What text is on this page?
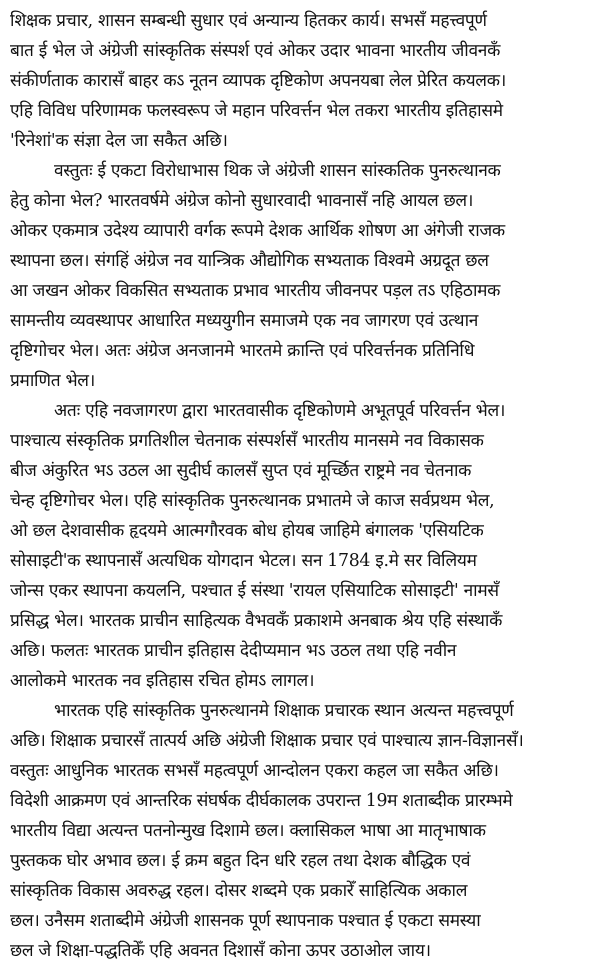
शिक्षक प्रचार, शासन सम्बन्धी सुधार एवं अन्यान्य हितकर कार्य। सभसँ महत्त्वपूर्ण
बात ई भेल जे अंग्रेजी सांस्कृतिक संस्पर्श एवं ओकर उदार भावना भारतीय जीवनकँ
संकीर्णताक कारासँ बाहर कऽ नूतन व्यापक दृष्टिकोण अपनयबा लेल प्रेरित कयलक।
एहि विविध परिणामक फलस्वरूप जे महान परिवर्त्तन भेल तकरा भारतीय इतिहासमे
'रिनेशां'क संज्ञा देल जा सकैत अछि।
वस्तुतः ई एकटा विरोधाभास थिक जे अंग्रेजी शासन सांस्कतिक पुनरुत्थानक
हेतु कोना भेल? भारतवर्षमे अंग्रेज कोनो सुधारवादी भावनासँ नहि आयल छल।
ओकर एकमात्र उदेश्य व्यापारी वर्गक रूपमे देशक आर्थिक शोषण आ अंगेजी राजक
स्थापना छल। संगहिं अंग्रेज नव यान्त्रिक औद्योगिक सभ्यताक विश्वमे अग्रदूत छल
आ जखन ओकर विकसित सभ्यताक प्रभाव भारतीय जीवनपर पड़ल तऽ एहिठामक
सामन्तीय व्यवस्थापर आधारित मध्ययुगीन समाजमे एक नव जागरण एवं उत्थान
दृष्टिगोचर भेल। अतः अंग्रेज अनजानमे भारतमे क्रान्ति एवं परिवर्त्तनक प्रतिनिधि
प्रमाणित भेल।
अतः एहि नवजागरण द्वारा भारतवासीक दृष्टिकोणमे अभूतपूर्व परिवर्त्तन भेल।
पाश्चात्य संस्कृतिक प्रगतिशील चेतनाक संस्पर्शसँ भारतीय मानसमे नव विकासक
बीज अंकुरित भऽ उठल आ सुदीर्घ कालसँ सुप्त एवं मूर्च्छित राष्ट्रमे नव चेतनाक
चेन्ह दृष्टिगोचर भेल। एहि सांस्कृतिक पुनरुत्थानक प्रभातमे जे काज सर्वप्रथम भेल,
ओ छल देशवासीक हृदयमे आत्मगौरवक बोध होयब जाहिमे बंगालक 'एसियटिक
सोसाइटी'क स्थापनासँ अत्यधिक योगदान भेटल। सन 1784 इ.मे सर विलियम
जोन्स एकर स्थापना कयलनि, पश्चात ई संस्था 'रायल एसियाटिक सोसाइटी' नामसँ
प्रसिद्ध भेल। भारतक प्राचीन साहित्यक वैभवकँ प्रकाशमे अनबाक श्रेय एहि संस्थाकँ
अछि। फलतः भारतक प्राचीन इतिहास देदीप्यमान भऽ उठल तथा एहि नवीन
आलोकमे भारतक नव इतिहास रचित होमऽ लागल।
भारतक एहि सांस्कृतिक पुनरुत्थानमे शिक्षाक प्रचारक स्थान अत्यन्त महत्त्वपूर्ण
अछि। शिक्षाक प्रचारसँ तात्पर्य अछि अंग्रेजी शिक्षाक प्रचार एवं पाश्चात्य ज्ञान-विज्ञानसँ।
वस्तुतः आधुनिक भारतक सभसँ महत्वपूर्ण आन्दोलन एकरा कहल जा सकैत अछि।
विदेशी आक्रमण एवं आन्तरिक संघर्षक दीर्घकालक उपरान्त 19म शताब्दीक प्रारम्भमे
भारतीय विद्या अत्यन्त पतनोन्मुख दिशामे छल। क्लासिकल भाषा आ मातृभाषाक
पुस्तकक घोर अभाव छल। ई क्रम बहुत दिन धरि रहल तथा देशक बौद्धिक एवं
सांस्कृतिक विकास अवरुद्ध रहल। दोसर शब्दमे एक प्रकारेँ साहित्यिक अकाल
छल। उनैसम शताब्दीमे अंग्रेजी शासनक पूर्ण स्थापनाक पश्चात ई एकटा समस्या
छल जे शिक्षा-पद्धतिकेँ एहि अवनत दिशासँ कोना ऊपर उठाओल जाय।
